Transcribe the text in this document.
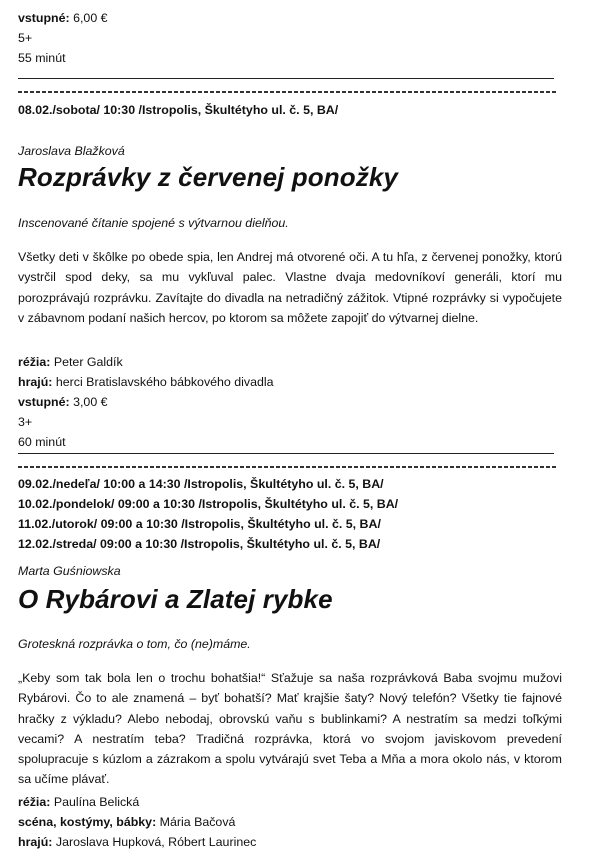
vstupné: 6,00 €
5+
55 minút
08.02./sobota/ 10:30 /Istropolis, Škultétyho ul. č. 5, BA/
Jaroslava Blažková
Rozprávky z červenej ponožky
Inscenované čítanie spojené s výtvarnou dielňou.

Všetky deti v škôlke po obede spia, len Andrej má otvorené oči. A tu hľa, z červenej ponožky, ktorú vystrčil spod deky, sa mu vykľuval palec. Vlastne dvaja medovníkoví generáli, ktorí mu porozprávajú rozprávku. Zavítajte do divadla na netradičný zážitok. Vtipné rozprávky si vypočujete v zábavnom podaní našich hercov, po ktorom sa môžete zapojiť do výtvarnej dielne.

réžia: Peter Galdík
hrajú: herci Bratislavského bábkového divadla
vstupné: 3,00 €
3+
60 minút
09.02./nedeľa/ 10:00 a 14:30 /Istropolis, Škultétyho ul. č. 5, BA/
10.02./pondelok/ 09:00 a 10:30 /Istropolis, Škultétyho ul. č. 5, BA/
11.02./utorok/ 09:00 a 10:30 /Istropolis, Škultétyho ul. č. 5, BA/
12.02./streda/ 09:00 a 10:30 /Istropolis, Škultétyho ul. č. 5, BA/
Marta Guśniowska
O Rybárovi a Zlatej rybke
Groteskná rozprávka o tom, čo (ne)máme.

„Keby som tak bola len o trochu bohatšia!“ Sťažuje sa naša rozprávková Baba svojmu mužovi Rybárovi. Čo to ale znamená – byť bohatší? Mať krajšie šaty? Nový telefón? Všetky tie fajnové hračky z výkladu? Alebo nebodaj, obrovskú vaňu s bublinkami? A nestratím sa medzi toľkými vecami? A nestratím teba? Tradičná rozprávka, ktorá vo svojom javiskovom prevedení spolupracuje s kúzlom a zázrakom a spolu vytvárajú svet Teba a Mňa a mora okolo nás, v ktorom sa učíme plávať.

réžia: Paulína Belická
scéna, kostýmy, bábky: Mária Bačová
hrajú: Jaroslava Hupková, Róbert Laurinec
